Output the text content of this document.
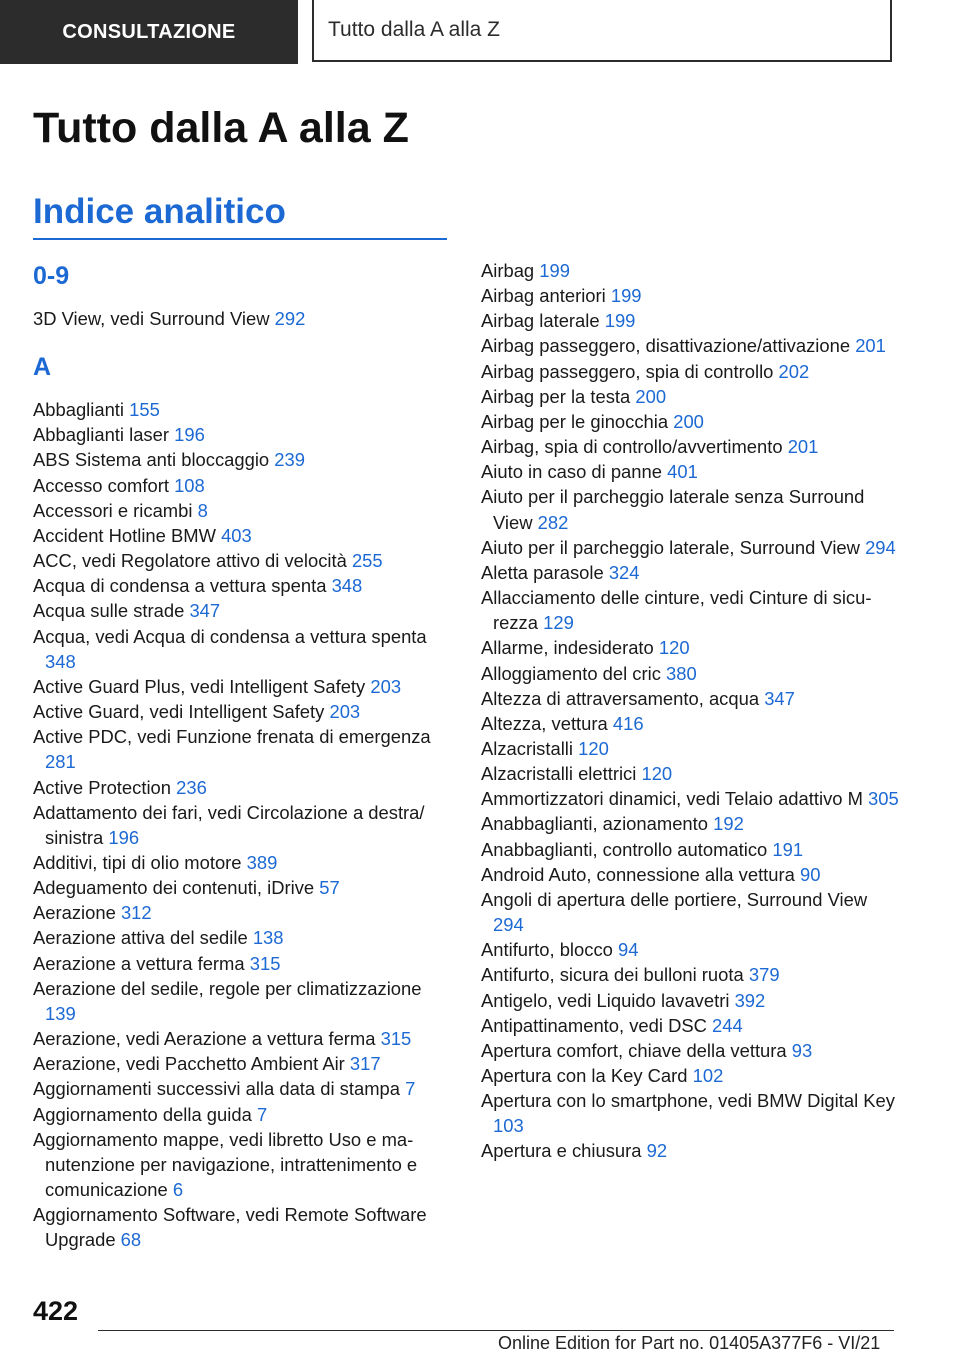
CONSULTAZIONE	Tutto dalla A alla Z
Tutto dalla A alla Z
Indice analitico
0-9

3D View, vedi Surround View 292

A

Abbaglianti 155

Abbaglianti laser 196

ABS Sistema anti bloccaggio 239

Accesso comfort 108

Accessori e ricambi 8

Accident Hotline BMW 403

ACC, vedi Regolatore attivo di velocità 255

Acqua di condensa a vettura spenta 348

Acqua sulle strade 347

Acqua, vedi Acqua di condensa a vettura spenta 348

Active Guard Plus, vedi Intelligent Safety 203

Active Guard, vedi Intelligent Safety 203

Active PDC, vedi Funzione frenata di emergenza 281

Active Protection 236

Adattamento dei fari, vedi Circolazione a destra/ sinistra 196

Additivi, tipi di olio motore 389

Adeguamento dei contenuti, iDrive 57

Aerazione 312

Aerazione attiva del sedile 138

Aerazione a vettura ferma 315

Aerazione del sedile, regole per climatizzazione 139

Aerazione, vedi Aerazione a vettura ferma 315

Aerazione, vedi Pacchetto Ambient Air 317

Aggiornamenti successivi alla data di stampa 7

Aggiornamento della guida 7

Aggiornamento mappe, vedi libretto Uso e manutenzione per navigazione, intrattenimento e comunicazione 6

Aggiornamento Software, vedi Remote Software Upgrade 68

Airbag 199

Airbag anteriori 199

Airbag laterale 199

Airbag passeggero, disattivazione/attivazione 201

Airbag passeggero, spia di controllo 202

Airbag per la testa 200

Airbag per le ginocchia 200

Airbag, spia di controllo/avvertimento 201

Aiuto in caso di panne 401

Aiuto per il parcheggio laterale senza Surround View 282

Aiuto per il parcheggio laterale, Surround View 294

Aletta parasole 324

Allacciamento delle cinture, vedi Cinture di sicurezza 129

Allarme, indesiderato 120

Alloggiamento del cric 380

Altezza di attraversamento, acqua 347

Altezza, vettura 416

Alzacristalli 120

Alzacristalli elettrici 120

Ammortizzatori dinamici, vedi Telaio adattivo M 305

Anabbaglianti, azionamento 192

Anabbaglianti, controllo automatico 191

Android Auto, connessione alla vettura 90

Angoli di apertura delle portiere, Surround View 294

Antifurto, blocco 94

Antifurto, sicura dei bulloni ruota 379

Antigelo, vedi Liquido lavavetri 392

Antipattinamento, vedi DSC 244

Apertura comfort, chiave della vettura 93

Apertura con la Key Card 102

Apertura con lo smartphone, vedi BMW Digital Key 103

Apertura e chiusura 92

422
Online Edition for Part no. 01405A377F6 - VI/21
